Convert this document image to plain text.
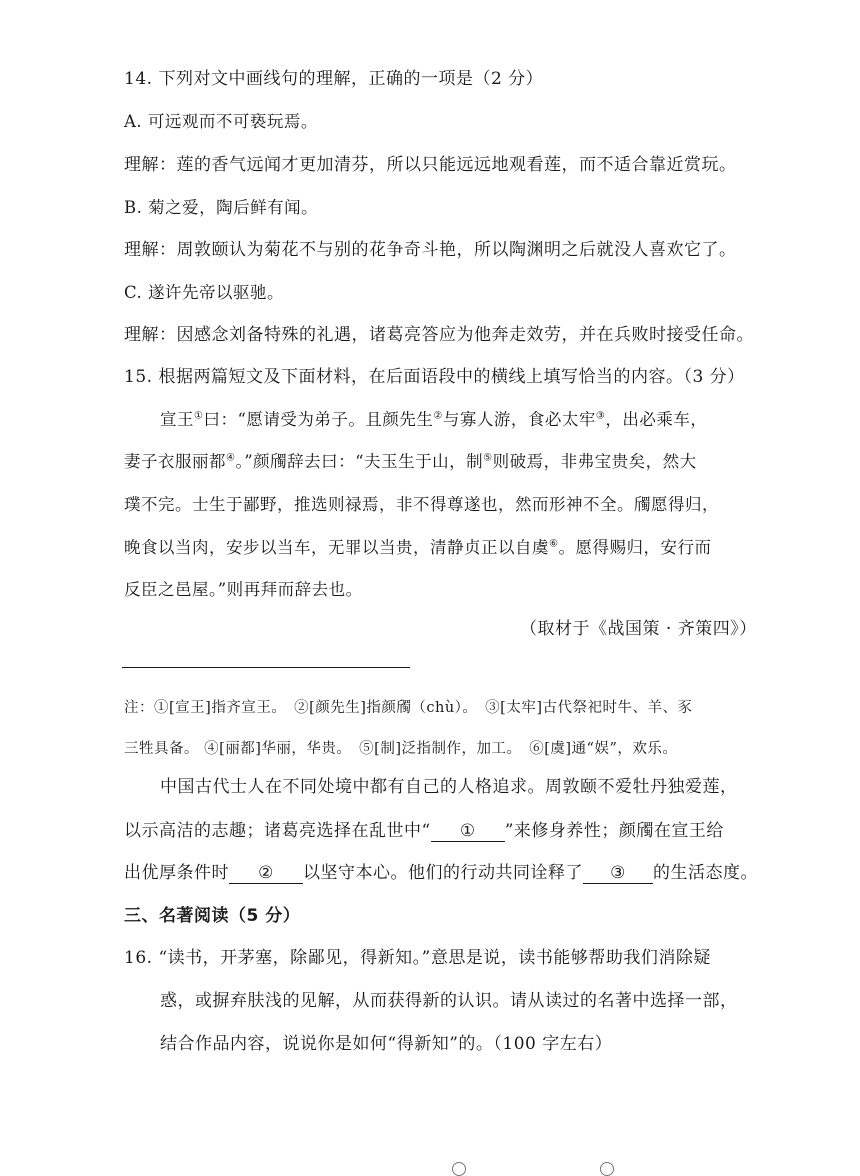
14. 下列对文中画线句的理解，正确的一项是（2 分）
A. 可远观而不可亵玩焉。
理解：莲的香气远闻才更加清芬，所以只能远远地观看莲，而不适合靠近赏玩。
B. 菊之爱，陶后鲜有闻。
理解：周敦颐认为菊花不与别的花争奇斗艳，所以陶渊明之后就没人喜欢它了。
C. 遂许先帝以驱驰。
理解：因感念刘备特殊的礼遇，诸葛亮答应为他奔走效劳，并在兵败时接受任命。
15. 根据两篇短文及下面材料，在后面语段中的横线上填写恰当的内容。（3 分）
宣王①曰：“愿请受为弟子。且颜先生②与寡人游，食必太牢③，出必乘车，
妻子衣服丽都④。”颜斶辞去曰：“夫玉生于山，制⑤则破焉，非弗宝贵矣，然大
璞不完。士生于鄙野，推选则禄焉，非不得尊遂也，然而形神不全。斶愿得归，
晚食以当肉，安步以当车，无罪以当贵，清静贞正以自虞⑥。愿得赐归，安行而
反臣之邑屋。”则再拜而辞去也。
（取材于《战国策 · 齐策四》）
注：①[宣王]指齐宣王。　②[颜先生]指颜斶（chù）。　③[太牢]古代祭祀时牛、羊、豕
三牲具备。 ④[丽都]华丽，华贵。　⑤[制]泛指制作，加工。　⑥[虞]通“娱”，欢乐。
中国古代士人在不同处境中都有自己的人格追求。周敦颐不爱牡丹独爱莲，
以示高洁的志趣；诸葛亮选择在乱世中“ ① ”来修身养性；颜斶在宣王给
出优厚条件时 ② 以坚守本心。他们的行动共同诠释了 ③ 的生活态度。
三、名著阅读（5 分）
16. “读书，开茅塞，除鄙见，得新知。”意思是说，读书能够帮助我们消除疑
惑，或摒弃肤浅的见解，从而获得新的认识。请从读过的名著中选择一部，
结合作品内容，说说你是如何“得新知”的。（100 字左右）
